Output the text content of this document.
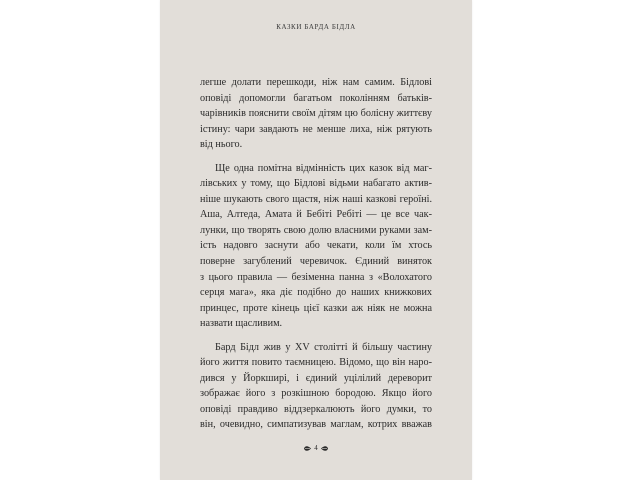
КАЗКИ БАРДА БІДЛА

легше долати перешкоди, ніж нам самим. Бідлові
оповіді допомогли багатьом поколінням батьків-
чарівників пояснити своїм дітям цю болісну життєву
істину: чари завдають не менше лиха, ніж рятують
від нього.

Ще одна помітна відмінність цих казок від маг-
лівських у тому, що Бідлові відьми набагато актив-
ніше шукають свого щастя, ніж наші казкові героїні.
Аша, Алтеда, Амата й Бебіті Ребіті — це все чак-
лунки, що творять свою долю власними руками зам-
ість надовго заснути або чекати, коли їм хтось
поверне загублений черевичок. Єдиний виняток
з цього правила — безіменна панна з «Волохатого
серця мага», яка діє подібно до наших книжкових
принцес, проте кінець цієї казки аж ніяк не можна
назвати щасливим.

Бард Бідл жив у XV столітті й більшу частину
його життя повито таємницею. Відомо, що він наро-
дився у Йоркширі, і єдиний уцілілий дереворит
зображає його з розкішною бородою. Якщо його
оповіді правдиво віддзеркалюють його думки, то
він, очевидно, симпатизував маглам, котрих вважав

4
